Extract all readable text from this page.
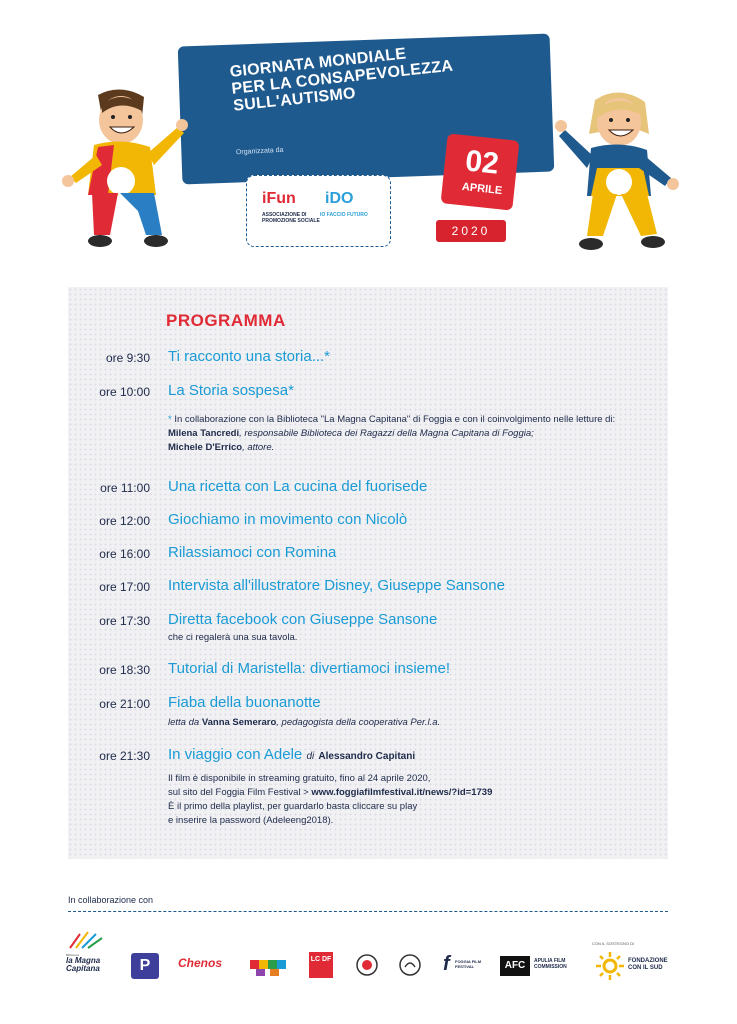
GIORNATA MONDIALE
PER LA CONSAPEVOLEZZA
SULL'AUTISMO
Organizzata da
iFun
ASSOCIAZIONE DI PROMOZIONE SOCIALE
iDO
IO FACCIO FUTURO
02
APRILE
2020
PROGRAMMA
ore 9:30 Ti racconto una storia...*
ore 10:00 La Storia sospesa*
* In collaborazione con la Biblioteca "La Magna Capitana" di Foggia e con il coinvolgimento nelle letture di:
Milena Tancredi, responsabile Biblioteca dei Ragazzi della Magna Capitana di Foggia;
Michele D'Errico, attore.
ore 11:00 Una ricetta con La cucina del fuorisede
ore 12:00 Giochiamo in movimento con Nicolò
ore 16:00 Rilassiamoci con Romina
ore 17:00 Intervista all'illustratore Disney, Giuseppe Sansone
ore 17:30 Diretta facebook con Giuseppe Sansone
che ci regalerà una sua tavola.
ore 18:30 Tutorial di Maristella: divertiamoci insieme!
ore 21:00 Fiaba della buonanotte
letta da Vanna Semeraro, pedagogista della cooperativa Per.l.a.
ore 21:30 In viaggio con Adele di Alessandro Capitani
Il film è disponibile in streaming gratuito, fino al 24 aprile 2020,
sul sito del Foggia Film Festival > www.foggiafilmfestival.it/news/?id=1739
È il primo della playlist, per guardarlo basta cliccare su play
e inserire la password (Adeleeng2018).
In collaborazione con
CON IL SOSTEGNO DI
Biblioteca
la Magna Capitana	P	Chenos	LC DF	f	FOGGIA FILM FESTIVAL	AFC	APULIA FILM COMMISSION
FONDAZIONE CON IL SUD
